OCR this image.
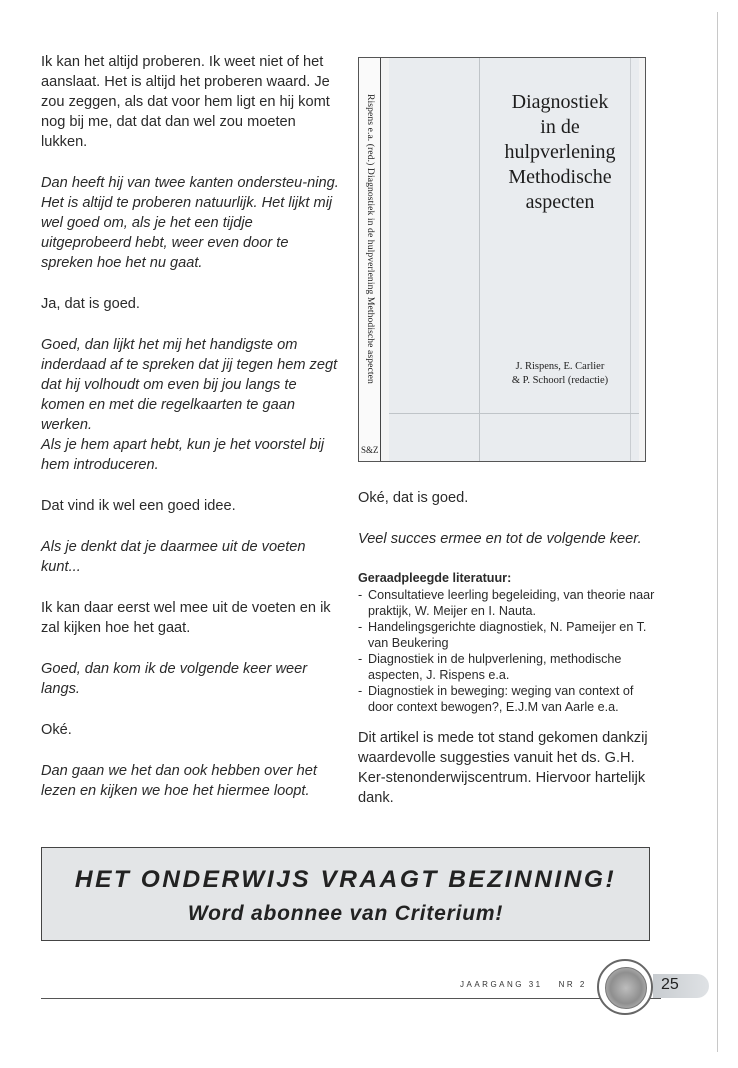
Ik kan het altijd proberen. Ik weet niet of het aanslaat. Het is altijd het proberen waard. Je zou zeggen, als dat voor hem ligt en hij komt nog bij me, dat dat dan wel zou moeten lukken.

Dan heeft hij van twee kanten ondersteu-ning. Het is altijd te proberen natuurlijk. Het lijkt mij wel goed om, als je het een tijdje uitgeprobeerd hebt, weer even door te spreken hoe het nu gaat.

Ja, dat is goed.

Goed, dan lijkt het mij het handigste om inderdaad af te spreken dat jij tegen hem zegt dat hij volhoudt om even bij jou langs te komen en met die regelkaarten te gaan werken.

Als je hem apart hebt, kun je het voorstel bij hem introduceren.

Dat vind ik wel een goed idee.

Als je denkt dat je daarmee uit de voeten kunt...

Ik kan daar eerst wel mee uit de voeten en ik zal kijken hoe het gaat.

Goed, dan kom ik de volgende keer weer langs.

Oké.

Dan gaan we het dan ook hebben over het lezen en kijken we hoe het hiermee loopt.

Rispens e.a. (red.) Diagnostiek in de hulpverlening Methodische aspecten
S&Z
Diagnostiek
in de
hulpverlening
Methodische
aspecten
J. Rispens, E. Carlier
& P. Schoorl (redactie)

Oké, dat is goed.

Veel succes ermee en tot de volgende keer.

Geraadpleegde literatuur:
- Consultatieve leerling begeleiding, van theorie naar praktijk, W. Meijer en I. Nauta.
- Handelingsgerichte diagnostiek, N. Pameijer en T. van Beukering
- Diagnostiek in de hulpverlening, methodische aspecten, J. Rispens e.a.
- Diagnostiek in beweging: weging van context of door context bewogen?, E.J.M van Aarle e.a.

Dit artikel is mede tot stand gekomen dankzij waardevolle suggesties vanuit het ds. G.H. Ker-stenonderwijscentrum. Hiervoor hartelijk dank.

HET ONDERWIJS VRAAGT BEZINNING!
Word abonnee van Criterium!
JAARGANG 31 NR 2	25
